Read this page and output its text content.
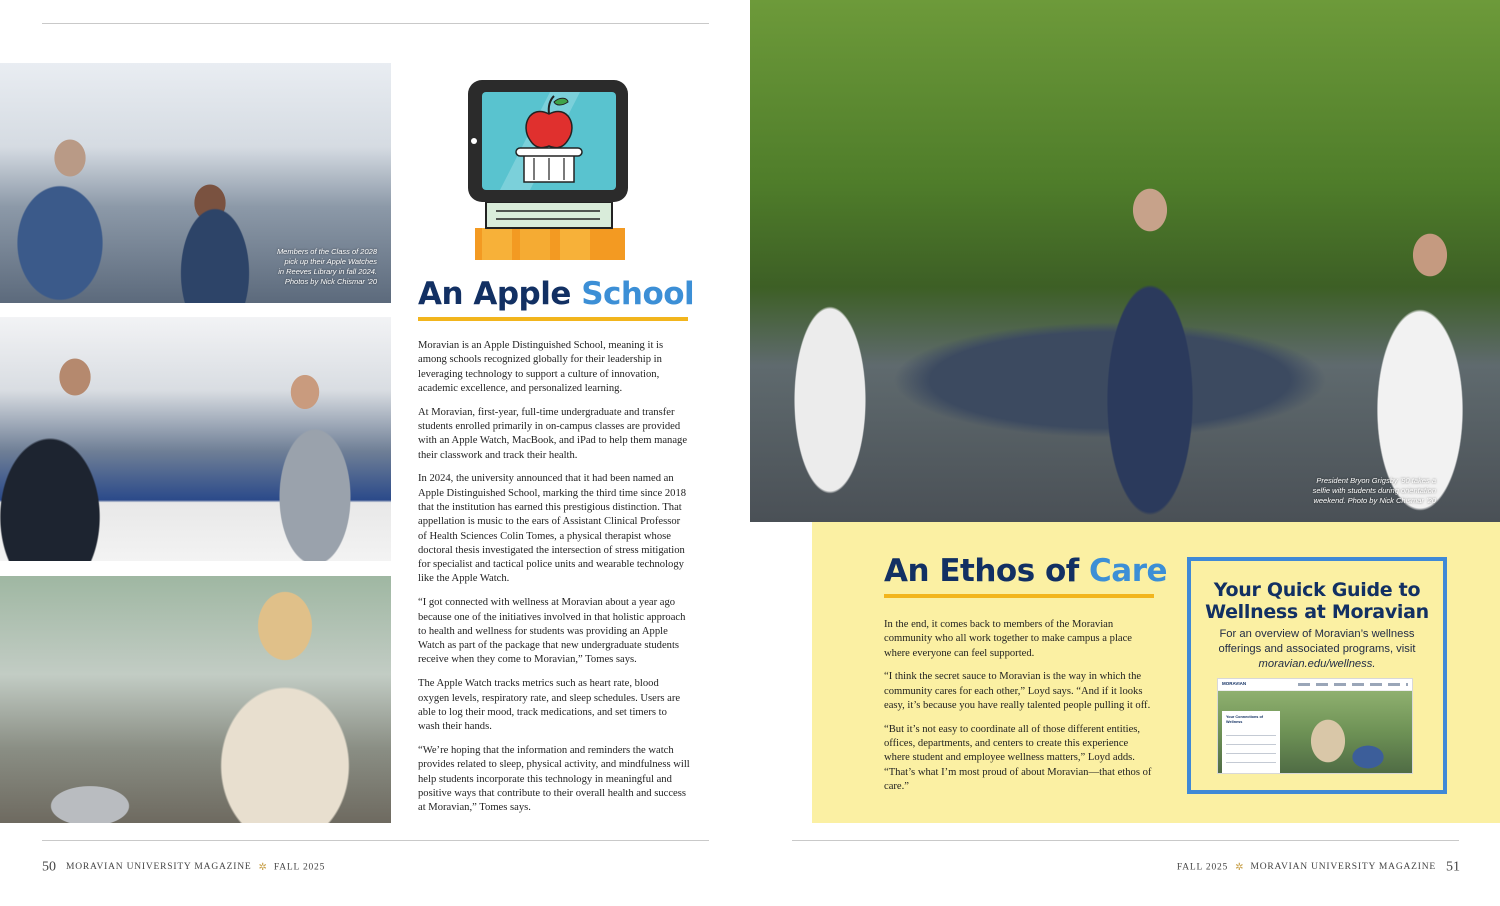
Members of the Class of 2028
pick up their Apple Watches
in Reeves Library in fall 2024.
Photos by Nick Chismar ’20 An Apple School

Moravian is an Apple Distinguished School, meaning it is among schools recognized globally for their leadership in leveraging technology to support a culture of innovation, academic excellence, and personalized learning.

At Moravian, first-year, full-time undergraduate and transfer students enrolled primarily in on-campus classes are provided with an Apple Watch, MacBook, and iPad to help them manage their classwork and track their health.

In 2024, the university announced that it had been named an Apple Distinguished School, marking the third time since 2018 that the institution has earned this prestigious distinction. That appellation is music to the ears of Assistant Clinical Professor of Health Sciences Colin Tomes, a physical therapist whose doctoral thesis investigated the intersection of stress mitigation for specialist and tactical police units and wearable technology like the Apple Watch.

“I got connected with wellness at Moravian about a year ago because one of the initiatives involved in that holistic approach to health and wellness for students was providing an Apple Watch as part of the package that new undergraduate students receive when they come to Moravian,” Tomes says.

The Apple Watch tracks metrics such as heart rate, blood oxygen levels, respiratory rate, and sleep schedules. Users are able to log their mood, track medications, and set timers to wash their hands.

“We’re hoping that the information and reminders the watch provides related to sleep, physical activity, and mindfulness will help students incorporate this technology in meaningful and positive ways that contribute to their overall health and success at Moravian,” Tomes says.

50 MORAVIAN UNIVERSITY MAGAZINE ✲ FALL 2025
President Bryon Grigsby ’90 takes a
selfie with students during orientation
weekend. Photo by Nick Chismar ’20
An Ethos of Care

In the end, it comes back to members of the Moravian community who all work together to make campus a place where everyone can feel supported.

“I think the secret sauce to Moravian is the way in which the community cares for each other,” Loyd says. “And if it looks easy, it’s because you have really talented people pulling it off.

“But it’s not easy to coordinate all of those different entities, offices, departments, and centers to create this experience where student and employee wellness matters,” Loyd adds. “That’s what I’m most proud of about Moravian—that ethos of care.”

Your Quick Guide to
Wellness at Moravian
For an overview of Moravian’s wellness offerings and associated programs, visit moravian.edu/wellness.
MORAVIAN
Your Connections of Wellness
FALL 2025 ✲ MORAVIAN UNIVERSITY MAGAZINE 51
